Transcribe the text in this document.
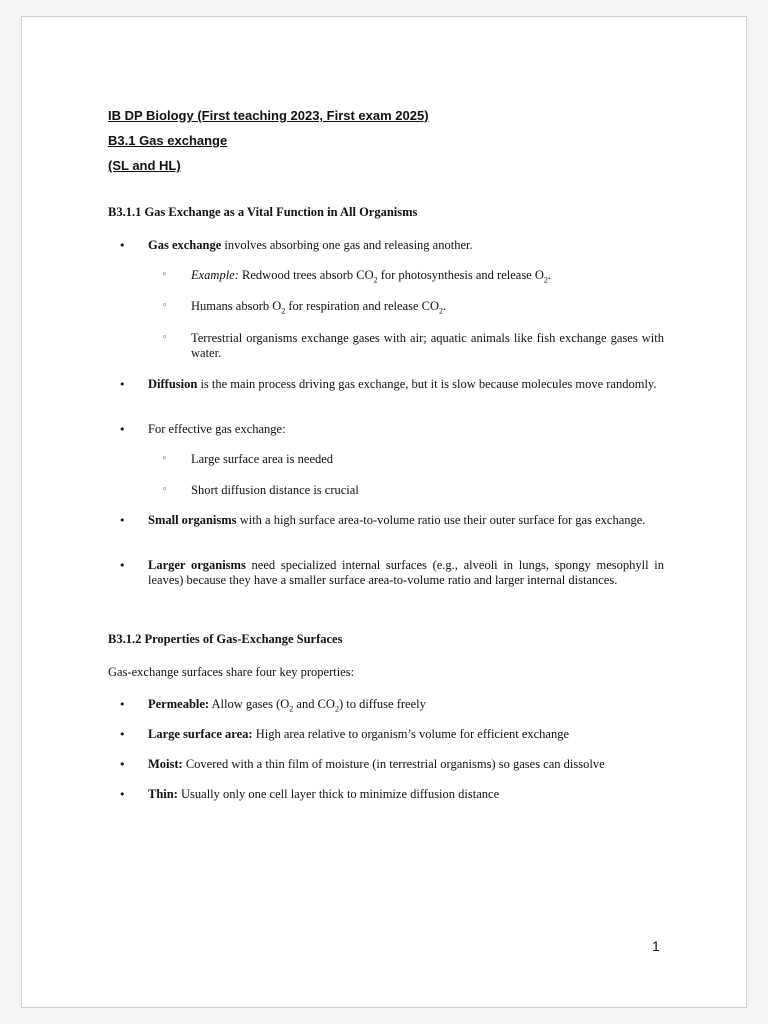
IB DP Biology (First teaching 2023, First exam 2025)
B3.1 Gas exchange
(SL and HL)
B3.1.1 Gas Exchange as a Vital Function in All Organisms
• Gas exchange involves absorbing one gas and releasing another.
◦ Example: Redwood trees absorb $CO_2$ for photosynthesis and release $O_2$.
◦ Humans absorb $O_2$ for respiration and release $CO_2$.
◦ Terrestrial organisms exchange gases with air; aquatic animals like fish exchange gases with water.
• Diffusion is the main process driving gas exchange, but it is slow because molecules move randomly.
• For effective gas exchange:
◦ Large surface area is needed
◦ Short diffusion distance is crucial
• Small organisms with a high surface area-to-volume ratio use their outer surface for gas exchange.
• Larger organisms need specialized internal surfaces (e.g., alveoli in lungs, spongy mesophyll in leaves) because they have a smaller surface area-to-volume ratio and larger internal distances.
B3.1.2 Properties of Gas-Exchange Surfaces
Gas-exchange surfaces share four key properties:
• Permeable: Allow gases ($O_2$ and $CO_2$) to diffuse freely
• Large surface area: High area relative to organism’s volume for efficient exchange
• Moist: Covered with a thin film of moisture (in terrestrial organisms) so gases can dissolve
• Thin: Usually only one cell layer thick to minimize diffusion distance
1
